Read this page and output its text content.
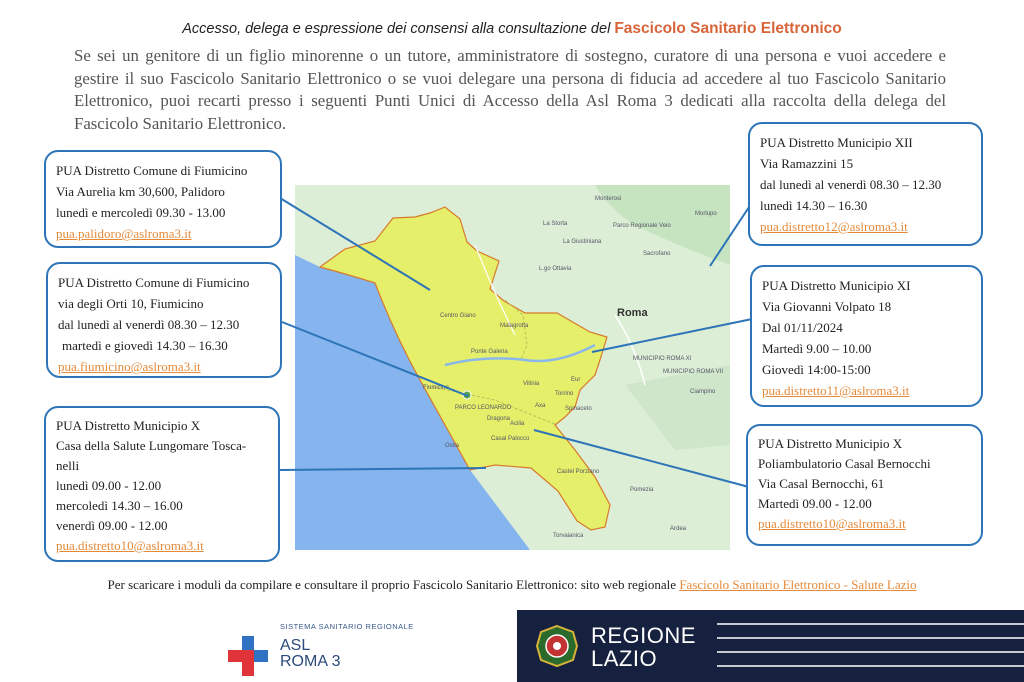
Accesso, delega e espressione dei consensi alla consultazione del Fascicolo Sanitario Elettronico
Se sei un genitore di un figlio minorenne o un tutore, amministratore di sostegno, curatore di una persona e vuoi accedere e gestire il suo Fascicolo Sanitario Elettronico o se vuoi delegare una persona di fiducia ad accedere al tuo Fascicolo Sanitario Elettronico, puoi recarti presso i seguenti Punti Unici di Accesso della Asl Roma 3 dedicati alla raccolta della delega del Fascicolo Sanitario Elettronico.
Roma
Fiumicino
Ostia
Acilia
PARCO LEONARDO
MUNICIPIO ROMA XI
MUNICIPIO ROMA VII
Ciampino
Pomezia
Torvaianica
Ardea
Castel Porziano
Sacrofano
Monterosi
Parco Regionale Veio
La Storta
La Giustiniana
L.go Ottavia
Ponte Galeria
Malagrotta
Morlupo
Eur
Spinaceto
Torrino
Vitinia
Casal Palocco
Axa
Dragona
Centro Giano
PUA Distretto Comune di Fiumicino
Via Aurelia km 30,600, Palidoro
lunedì e mercoledì 09.30 - 13.00
pua.palidoro@aslroma3.it
PUA Distretto Comune di Fiumicino
via degli Orti 10, Fiumicino
dal lunedì al venerdì 08.30 – 12.30
martedì e giovedì 14.30 – 16.30
pua.fiumicino@aslroma3.it
PUA Distretto Municipio X
Casa della Salute Lungomare Tosca-
nelli
lunedì 09.00 - 12.00
mercoledì 14.30 – 16.00
venerdì 09.00 - 12.00
pua.distretto10@aslroma3.it
PUA Distretto Municipio XII
Via Ramazzini 15
dal lunedì al venerdì 08.30 – 12.30
lunedì 14.30 – 16.30
pua.distretto12@aslroma3.it
PUA Distretto Municipio XI
Via Giovanni Volpato 18
Dal 01/11/2024
Martedì 9.00 – 10.00
Giovedì 14:00-15:00
pua.distretto11@aslroma3.it
PUA Distretto Municipio X
Poliambulatorio Casal Bernocchi
Via Casal Bernocchi, 61
Martedì 09.00 - 12.00
pua.distretto10@aslroma3.it
Per scaricare i moduli da compilare e consultare il proprio Fascicolo Sanitario Elettronico: sito web regionale Fascicolo Sanitario Elettronico - Salute Lazio
SISTEMA SANITARIO REGIONALE
ASL
ROMA 3
REGIONE
LAZIO
